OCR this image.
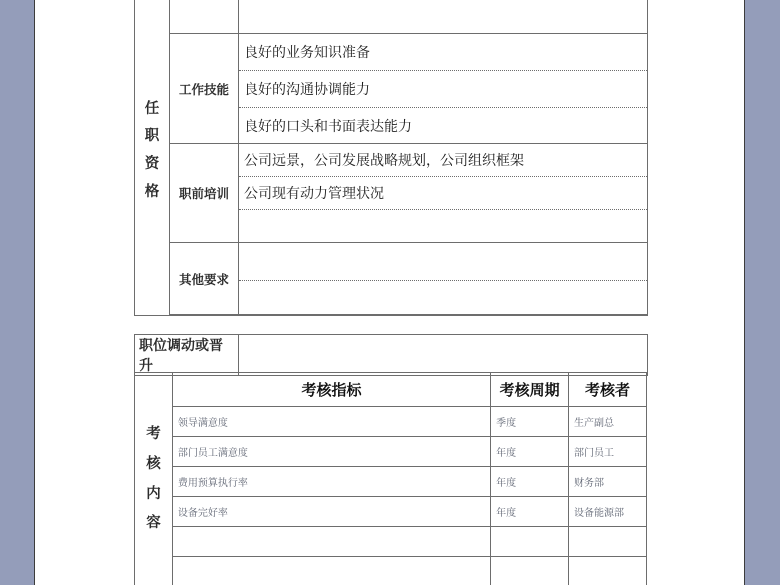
任
职
资
格		

	工作技能	良好的业务知识准备
		良好的沟通协调能力
		良好的口头和书面表达能力
	职前培训	公司远景，公司发展战略规划，公司组织框架
		公司现有动力管理状况

	其他要求	

职位调动或晋升	
考
核
内
容	考核指标	考核周期	考核者
	领导满意度	季度	生产副总
	部门员工满意度	年度	部门员工
	费用预算执行率	年度	财务部
	设备完好率	年度	设备能源部
